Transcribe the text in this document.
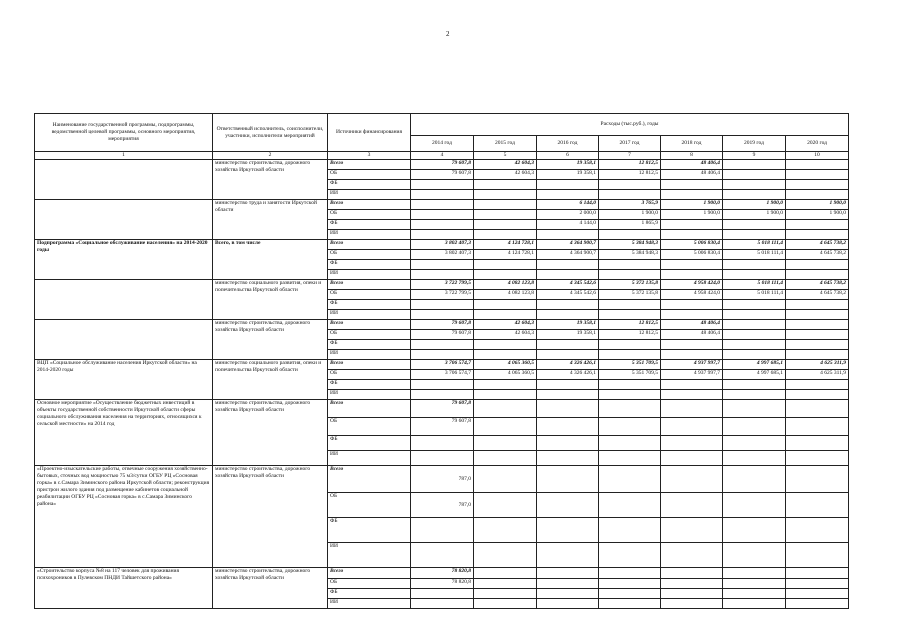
2
Наименование государственной программы, подпрограммы, ведомственной целевой программы, основного мероприятия, мероприятия	Ответственный исполнитель, соисполнители, участники, исполнители мероприятий	Источники финансирования	Расходы (тыс.руб.), годы						
			2014 год	2015 год	2016 год	2017 год	2018 год	2019 год	2020 год
1	2	3	4	5	6	7	8	9	10
	министерство строительства, дорожного хозяйства Иркутской области	Всего	79 607,8	42 604,3	19 358,1	12 812,5	48 406,4		
		ОБ	79 607,8	42 604,3	19 358,1	12 812,5	48 406,4		
		ФБ							
		ИИ							
	министерство труда и занятости Иркутской области	Всего			6 144,0	3 765,9	1 900,0	1 900,0	1 900,0
		ОБ			2 000,0	1 900,0	1 900,0	1 900,0	1 900,0
		ФБ			4 144,0	1 865,9			
		ИИ							
Подпрограмма «Социальное обслуживание населения» на 2014-2020 годы	Всего, в том числе	Всего	3 802 407,3	4 124 728,1	4 364 900,7	5 384 948,3	5 006 830,4	5 018 111,4	4 645 738,2
		ОБ	3 802 407,3	4 124 728,1	4 364 900,7	5 384 948,3	5 006 830,4	5 018 111,4	4 645 738,2
		ФБ							
		ИИ							
	министерство социального развития, опеки и попечительства Иркутской области	Всего	3 722 799,5	4 082 123,8	4 345 542,6	5 372 135,8	4 958 424,0	5 018 111,4	4 645 738,2
		ОБ	3 722 799,5	4 082 123,8	4 345 542,6	5 372 135,8	4 958 424,0	5 018 111,4	4 645 738,2
		ФБ							
		ИИ							
	министерство строительства, дорожного хозяйства Иркутской области	Всего	79 607,8	42 604,3	19 358,1	12 812,5	48 406,4		
		ОБ	79 607,8	42 604,3	19 358,1	12 812,5	48 406,4		
		ФБ							
		ИИ							
ВЦП «Социальное обслуживание населения Иркутской области» на 2014-2020 годы	министерство социального развития, опеки и попечительства Иркутской области	Всего	3 706 574,7	4 065 360,5	4 326 426,1	5 351 709,5	4 937 997,7	4 997 685,1	4 625 311,9
		ОБ	3 706 574,7	4 065 360,5	4 326 426,1	5 351 709,5	4 937 997,7	4 997 685,1	4 625 311,9
		ФБ							
		ИИ							
Основное мероприятие «Осуществление бюджетных инвестиций в объекты государственной собственности Иркутской области сферы социального обслуживания населения на территориях, относящихся к сельской местности» на 2014 год	министерство строительства, дорожного хозяйства Иркутской области	Всего	79 607,8						
		ОБ	79 607,8						
		ФБ							
		ИИ							
«Проектно-изыскательские работы, отвечные сооружения хозяйственно-бытовых, сточных вод мощностью 75 м3/сутки ОГБУ РЦ «Сосновая горка» в с.Самара Зиминского района Иркутской области; реконструкция пристрои жилого здания под размещение кабинетов социальной реабилитации ОГБУ РЦ «Сосновая горка» в с.Самара Зиминского района»	министерство строительства, дорожного хозяйства Иркутской области	Всего	787,0						
		ОБ	787,0						
		ФБ							
		ИИ							
«Строительство корпуса №8 на 117 человек для проживания психохроников в Пулевском ПНДИ Тайшетского района»	министерство строительства, дорожного хозяйства Иркутской области	Всего	78 820,8						
		ОБ	78 820,8						
		ФБ							
		ИИ							
